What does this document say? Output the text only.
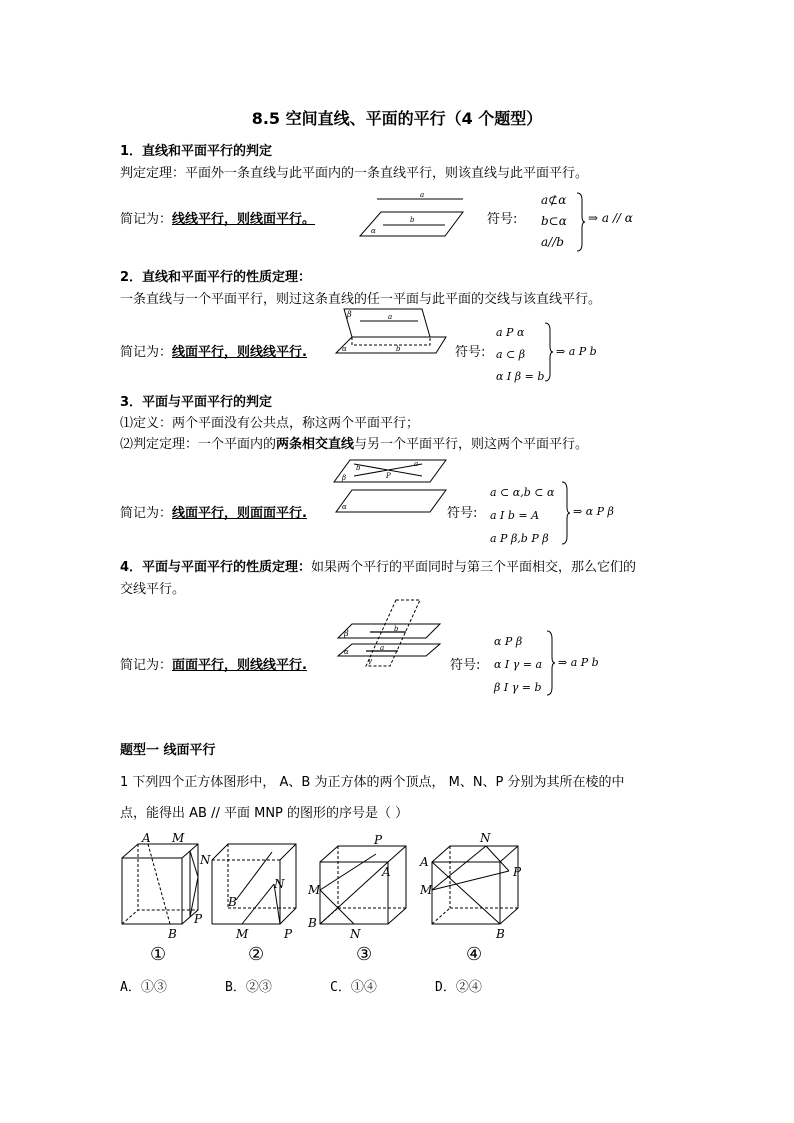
8.5 空间直线、平面的平行（4 个题型）
1．直线和平面平行的判定
判定定理：平面外一条直线与此平面内的一条直线平行，则该直线与此平面平行。
简记为：线线平行，则线面平行。
a
b
α
符号:
a⊄α
b⊂α
a//b
⇒ a // α
2．直线和平面平行的性质定理：
一条直线与一个平面平行，则过这条直线的任一平面与此平面的交线与该直线平行。
简记为：线面平行，则线线平行.
β	a
α	b	符号:
a P α
a ⊂ β
α I β = b
⇒ a P b
3．平面与平面平行的判定
⑴定义：两个平面没有公共点，称这两个平面平行；
⑵判定定理：一个平面内的两条相交直线与另一个平面平行，则这两个平面平行。
简记为：线面平行，则面面平行.
b	a
β	P
α	符号:
a ⊂ α,b ⊂ α
a I b = A
a P β,b P β
⇒ α P β
4．平面与平面平行的性质定理：如果两个平行的平面同时与第三个平面相交，那么它们的
交线平行。
简记为：面面平行，则线线平行.
β	b
α	a
γ	符号:
α P β
α I γ = a
β I γ = b
⇒ a P b
题型一 线面平行
1 下列四个正方体图形中， A、B 为正方体的两个顶点， M、N、P 分别为其所在棱的中
点，能得出 AB // 平面 MNP 的图形的序号是（ ）
A M
N
B
P
N
B
M	P
P
A
M
B
N
N
A
P
M
B
①	②	③	④
A．①③	B．②③	C．①④	D．②④
